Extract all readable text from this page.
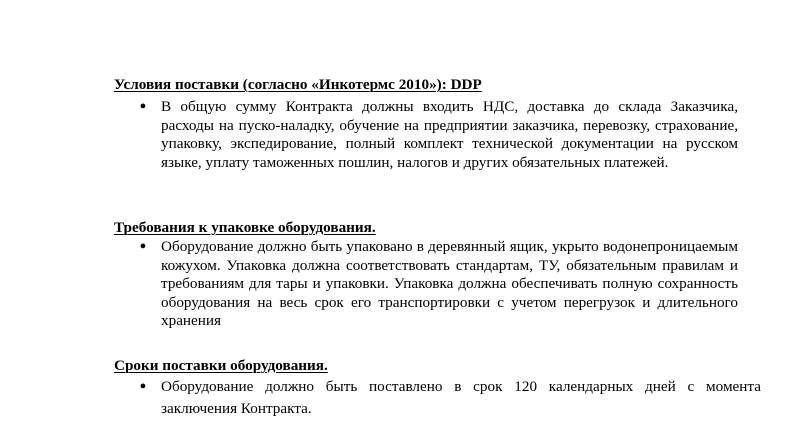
Условия поставки (согласно «Инкотермс 2010»): DDP
● В общую сумму Контракта должны входить НДС, доставка до склада Заказчика, расходы на пуско-наладку, обучение на предприятии заказчика, перевозку, страхование, упаковку, экспедирование, полный комплект технической документации на русском языке, уплату таможенных пошлин, налогов и других обязательных платежей.
Требования к упаковке оборудования.
● Оборудование должно быть упаковано в деревянный ящик, укрыто водонепроницаемым кожухом. Упаковка должна соответствовать стандартам, ТУ, обязательным правилам и требованиям для тары и упаковки. Упаковка должна обеспечивать полную сохранность оборудования на весь срок его транспортировки с учетом перегрузок и длительного хранения
Сроки поставки оборудования.
● Оборудование должно быть поставлено в срок 120 календарных дней с момента заключения Контракта.
